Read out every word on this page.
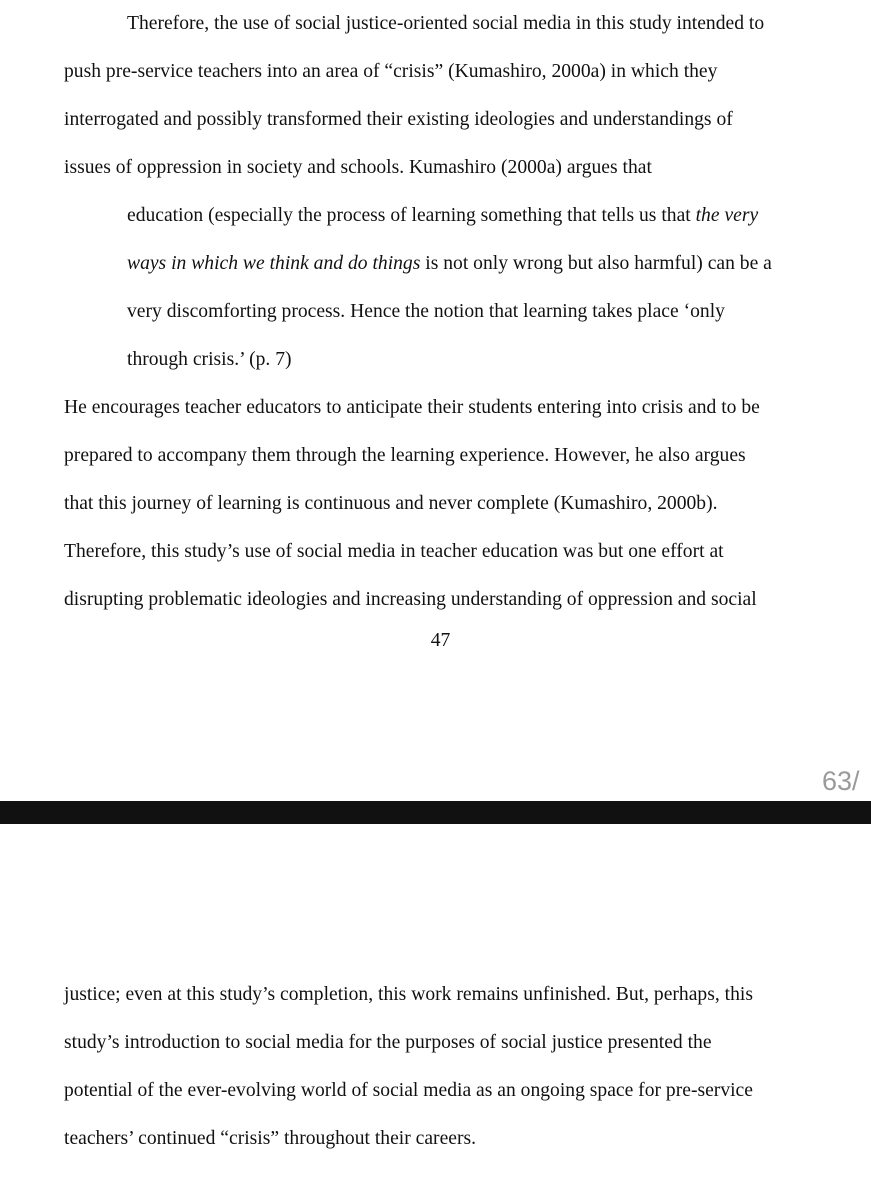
Therefore, the use of social justice-oriented social media in this study intended to

push pre-service teachers into an area of “crisis” (Kumashiro, 2000a) in which they

interrogated and possibly transformed their existing ideologies and understandings of

issues of oppression in society and schools. Kumashiro (2000a) argues that

education (especially the process of learning something that tells us that the very

ways in which we think and do things is not only wrong but also harmful) can be a

very discomforting process. Hence the notion that learning takes place ‘only

through crisis.’ (p. 7)

He encourages teacher educators to anticipate their students entering into crisis and to be

prepared to accompany them through the learning experience. However, he also argues

that this journey of learning is continuous and never complete (Kumashiro, 2000b).

Therefore, this study’s use of social media in teacher education was but one effort at

disrupting problematic ideologies and increasing understanding of oppression and social

47
63/

justice; even at this study’s completion, this work remains unfinished. But, perhaps, this

study’s introduction to social media for the purposes of social justice presented the

potential of the ever-evolving world of social media as an ongoing space for pre-service

teachers’ continued “crisis” throughout their careers.
